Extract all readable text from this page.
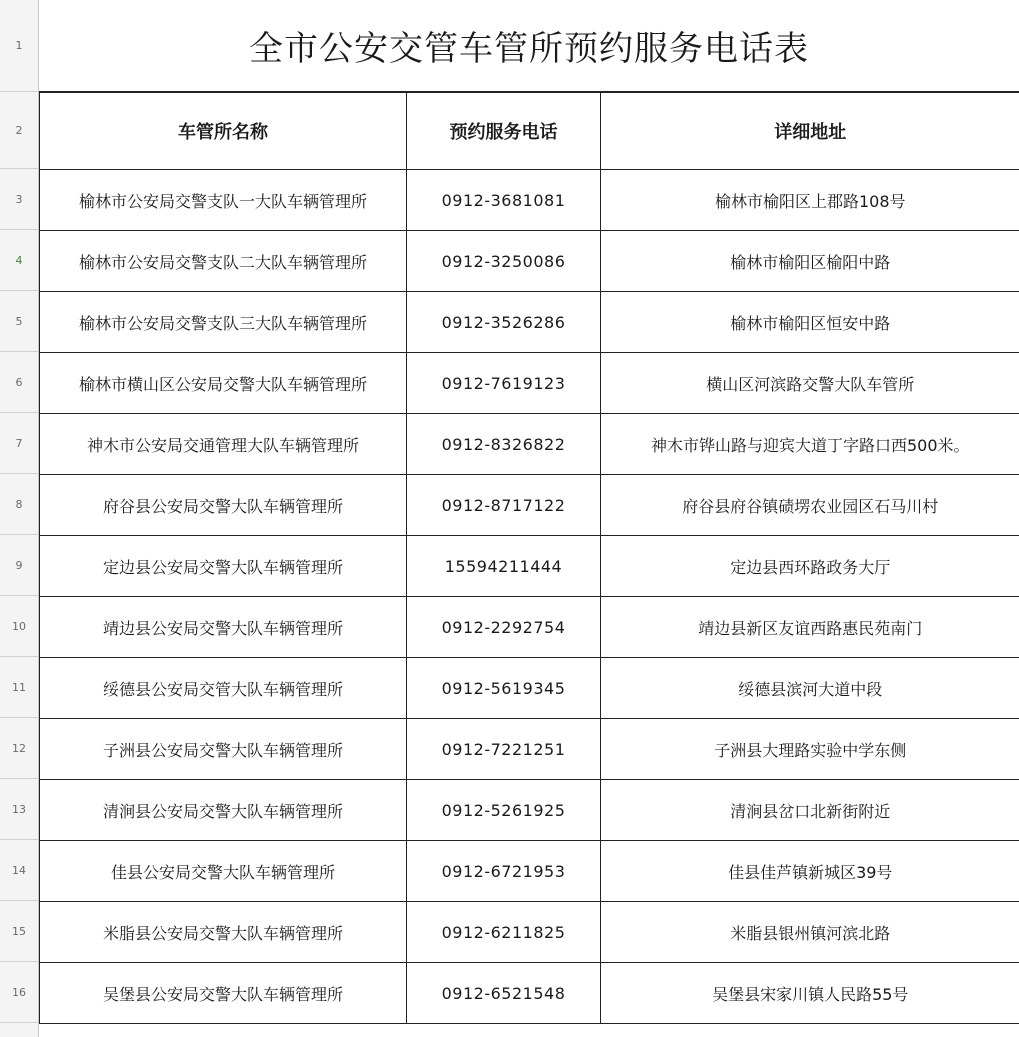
1
2
3
4
5
6
7
8
9
10
11
12
13
14
15
16
全市公安交管车管所预约服务电话表
车管所名称	预约服务电话	详细地址
榆林市公安局交警支队一大队车辆管理所	0912-3681081	榆林市榆阳区上郡路108号
榆林市公安局交警支队二大队车辆管理所	0912-3250086	榆林市榆阳区榆阳中路
榆林市公安局交警支队三大队车辆管理所	0912-3526286	榆林市榆阳区恒安中路
榆林市横山区公安局交警大队车辆管理所	0912-7619123	横山区河滨路交警大队车管所
神木市公安局交通管理大队车辆管理所	0912-8326822	神木市铧山路与迎宾大道丁字路口西500米。
府谷县公安局交警大队车辆管理所	0912-8717122	府谷县府谷镇碛塄农业园区石马川村
定边县公安局交警大队车辆管理所	15594211444	定边县西环路政务大厅
靖边县公安局交警大队车辆管理所	0912-2292754	靖边县新区友谊西路惠民苑南门
绥德县公安局交管大队车辆管理所	0912-5619345	绥德县滨河大道中段
子洲县公安局交警大队车辆管理所	0912-7221251	子洲县大理路实验中学东侧
清涧县公安局交警大队车辆管理所	0912-5261925	清涧县岔口北新街附近
佳县公安局交警大队车辆管理所	0912-6721953	佳县佳芦镇新城区39号
米脂县公安局交警大队车辆管理所	0912-6211825	米脂县银州镇河滨北路
吴堡县公安局交警大队车辆管理所	0912-6521548	吴堡县宋家川镇人民路55号
